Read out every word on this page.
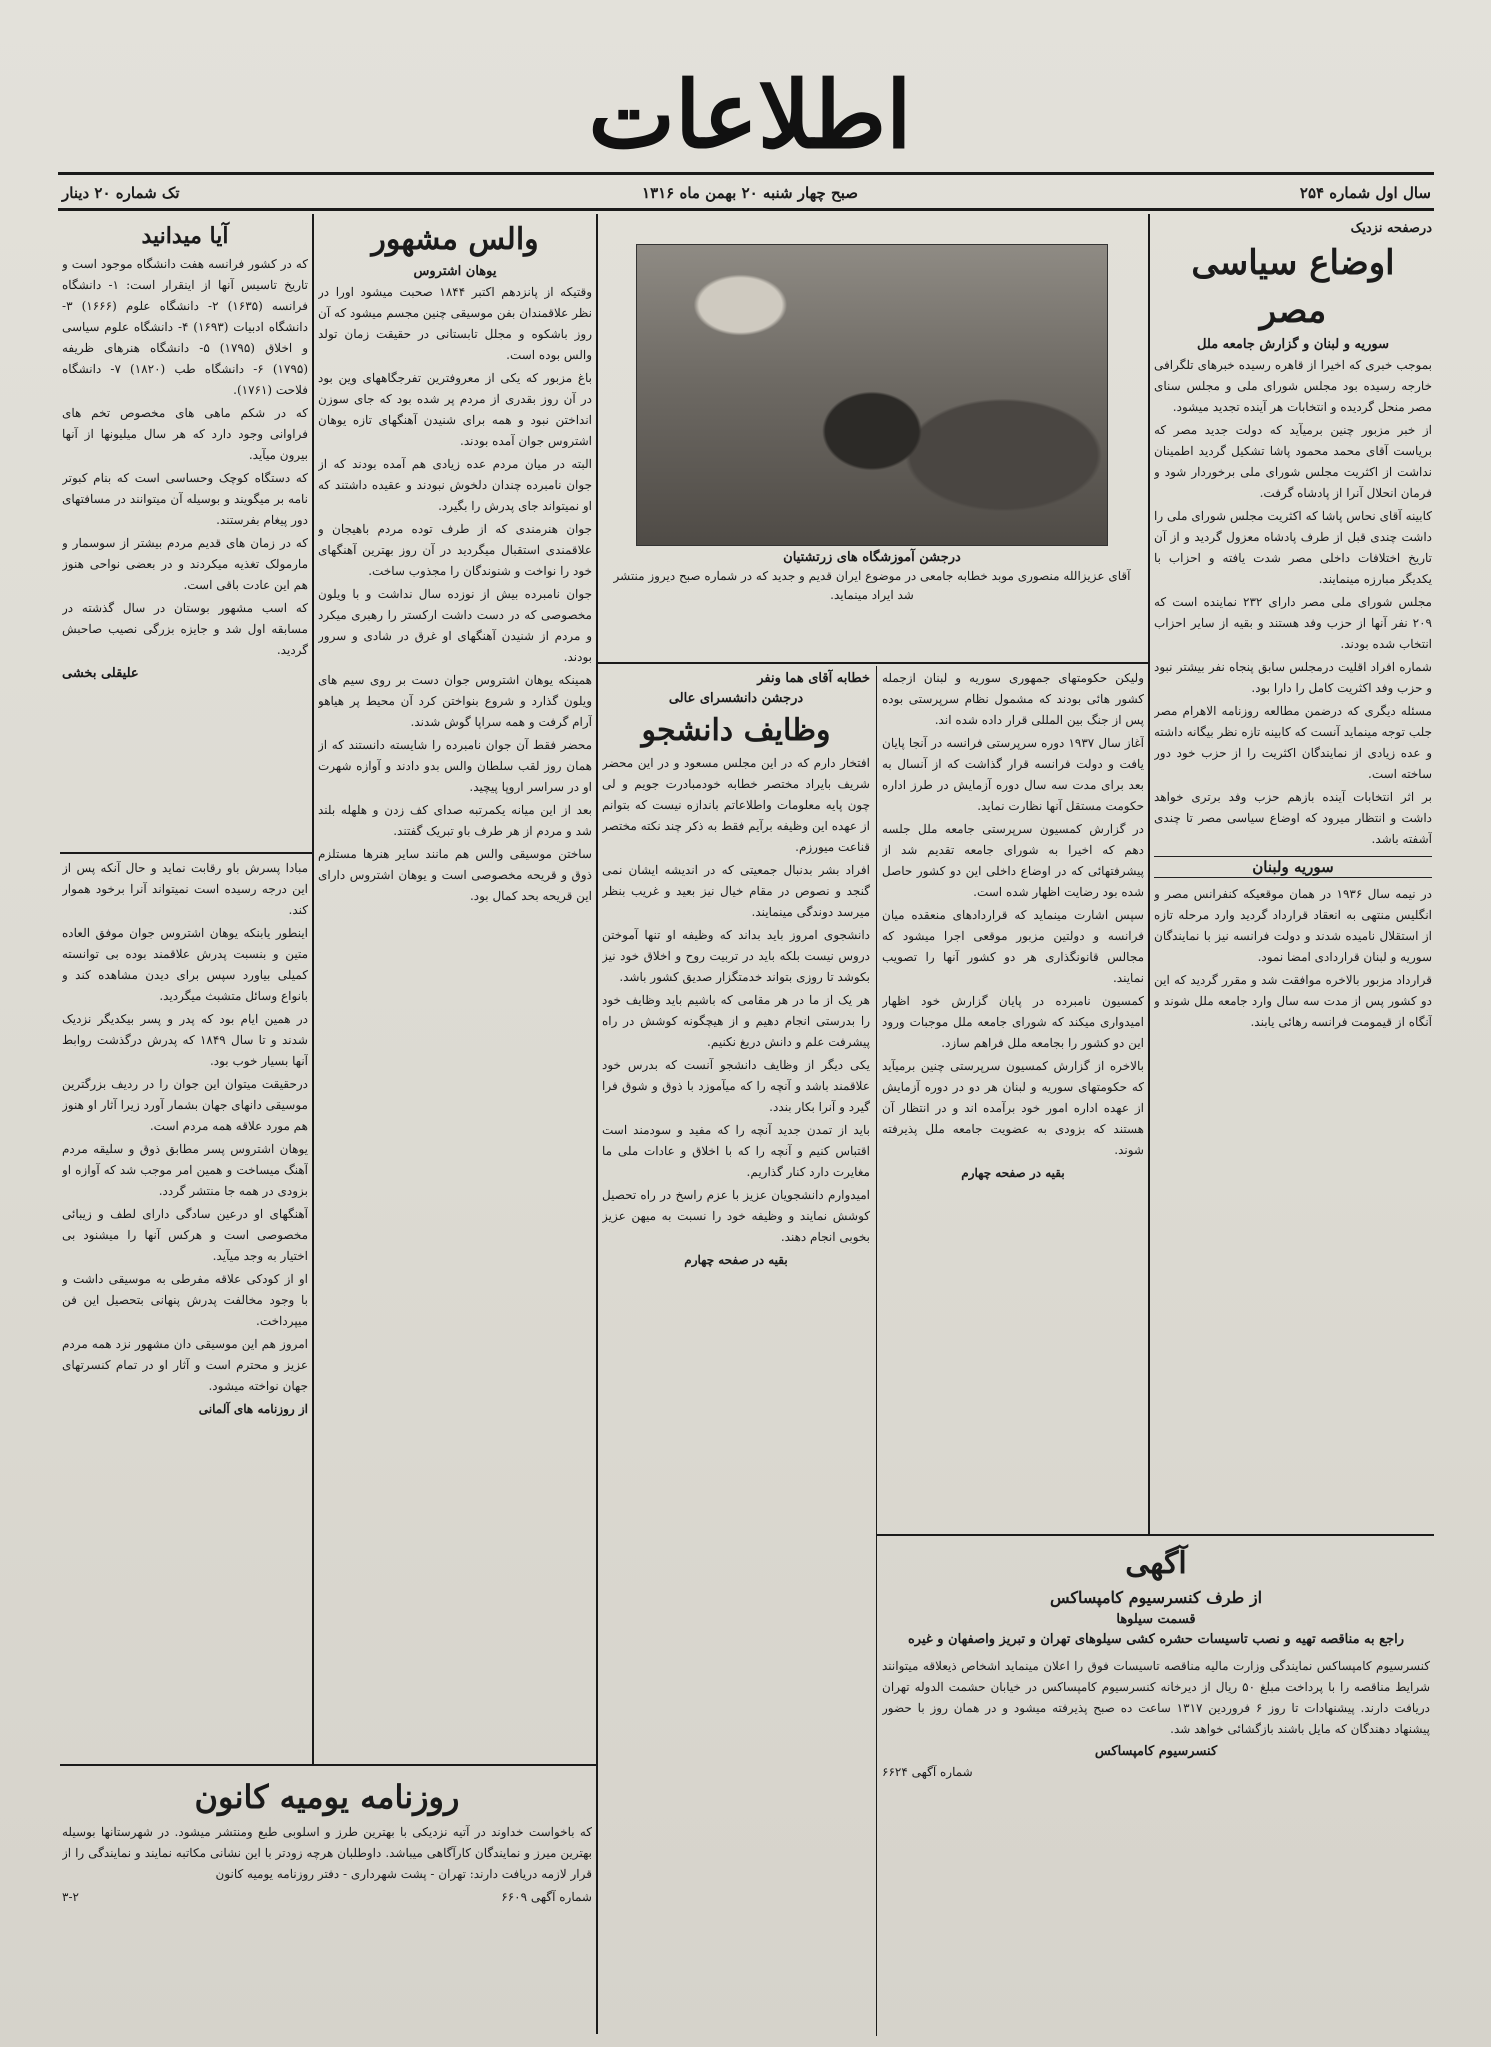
اطلاعات
سال اول شماره ۲۵۴
صبح چهار شنبه ۲۰ بهمن ماه ۱۳۱۶
تک شماره ۲۰ دینار
درصفحه نزدیک
اوضاع سیاسی مصر
سوریه و لبنان و گزارش جامعه ملل

بموجب خبری که اخیرا از قاهره رسیده خبرهای تلگرافی خارجه رسیده بود مجلس شورای ملی و مجلس سنای مصر منحل گردیده و انتخابات هر آینده تجدید میشود.

از خبر مزبور چنین برمیآید که دولت جدید مصر که بریاست آقای محمد محمود پاشا تشکیل گردید اطمینان نداشت از اکثریت مجلس شورای ملی برخوردار شود و فرمان انحلال آنرا از پادشاه گرفت.

کابینه آقای نحاس پاشا که اکثریت مجلس شورای ملی را داشت چندی قبل از طرف پادشاه معزول گردید و از آن تاریخ اختلافات داخلی مصر شدت یافته و احزاب با یکدیگر مبارزه مینمایند.

مجلس شورای ملی مصر دارای ۲۳۲ نماینده است که ۲۰۹ نفر آنها از حزب وفد هستند و بقیه از سایر احزاب انتخاب شده بودند.

شماره افراد اقلیت درمجلس سابق پنجاه نفر بیشتر نبود و حزب وفد اکثریت کامل را دارا بود.

مسئله دیگری که درضمن مطالعه روزنامه الاهرام مصر جلب توجه مینماید آنست که کابینه تازه نظر بیگانه داشته و عده زیادی از نمایندگان اکثریت را از حزب خود دور ساخته است.

بر اثر انتخابات آینده بازهم حزب وفد برتری خواهد داشت و انتظار میرود که اوضاع سیاسی مصر تا چندی آشفته باشد.

سوریه ولبنان

در نیمه سال ۱۹۳۶ در همان موقعیکه کنفرانس مصر و انگلیس منتهی به انعقاد قرارداد گردید وارد مرحله تازه از استقلال نامیده شدند و دولت فرانسه نیز با نمایندگان سوریه و لبنان قراردادی امضا نمود.

قرارداد مزبور بالاخره موافقت شد و مقرر گردید که این دو کشور پس از مدت سه سال وارد جامعه ملل شوند و آنگاه از قیمومت فرانسه رهائی یابند.

درجشن آموزشگاه های زرتشتیان
آقای عزیزالله منصوری موبد خطابه جامعی در موضوع ایران قدیم و جدید که در شماره صبح دیروز منتشر شد ایراد مینماید.

ولیکن حکومتهای جمهوری سوریه و لبنان ازجمله کشور هائی بودند که مشمول نظام سرپرستی بوده پس از جنگ بین المللی قرار داده شده اند.

آغاز سال ۱۹۳۷ دوره سرپرستی فرانسه در آنجا پایان یافت و دولت فرانسه قرار گذاشت که از آنسال به بعد برای مدت سه سال دوره آزمایش در طرز اداره حکومت مستقل آنها نظارت نماید.

در گزارش کمسیون سرپرستی جامعه ملل جلسه دهم که اخیرا به شورای جامعه تقدیم شد از پیشرفتهائی که در اوضاع داخلی این دو کشور حاصل شده بود رضایت اظهار شده است.

سپس اشارت مینماید که قراردادهای منعقده میان فرانسه و دولتین مزبور موقعی اجرا میشود که مجالس قانونگذاری هر دو کشور آنها را تصویب نمایند.

کمسیون نامبرده در پایان گزارش خود اظهار امیدواری میکند که شورای جامعه ملل موجبات ورود این دو کشور را بجامعه ملل فراهم سازد.

بالاخره از گزارش کمسیون سرپرستی چنین برمیآید که حکومتهای سوریه و لبنان هر دو در دوره آزمایش از عهده اداره امور خود برآمده اند و در انتظار آن هستند که بزودی به عضویت جامعه ملل پذیرفته شوند.

بقیه در صفحه چهارم

خطابه آقای هما ونفر
درجشن دانشسرای عالی
وظایف دانشجو

افتخار دارم که در این مجلس مسعود و در این محضر شریف بایراد مختصر خطابه خودمبادرت جویم و لی چون پایه معلومات واطلاعاتم باندازه نیست که بتوانم از عهده این وظیفه برآیم فقط به ذکر چند نکته مختصر قناعت میورزم.

افراد بشر بدنبال جمعیتی که در اندیشه ایشان نمی گنجد و نصوص در مقام خیال نیز بعید و غریب بنظر میرسد دوندگی مینمایند.

دانشجوی امروز باید بداند که وظیفه او تنها آموختن دروس نیست بلکه باید در تربیت روح و اخلاق خود نیز بکوشد تا روزی بتواند خدمتگزار صدیق کشور باشد.

هر یک از ما در هر مقامی که باشیم باید وظایف خود را بدرستی انجام دهیم و از هیچگونه کوشش در راه پیشرفت علم و دانش دریغ نکنیم.

یکی دیگر از وظایف دانشجو آنست که بدرس خود علاقمند باشد و آنچه را که میآموزد با ذوق و شوق فرا گیرد و آنرا بکار بندد.

باید از تمدن جدید آنچه را که مفید و سودمند است اقتباس کنیم و آنچه را که با اخلاق و عادات ملی ما مغایرت دارد کنار گذاریم.

امیدوارم دانشجویان عزیز با عزم راسخ در راه تحصیل کوشش نمایند و وظیفه خود را نسبت به میهن عزیز بخوبی انجام دهند.

بقیه در صفحه چهارم

والس مشهور
یوهان اشتروس

وقتیکه از پانزدهم اکتبر ۱۸۴۴ صحبت میشود اورا در نظر علاقمندان بفن موسیقی چنین مجسم میشود که آن روز باشکوه و مجلل تابستانی در حقیقت زمان تولد والس بوده است.

باغ مزبور که یکی از معروفترین تفرجگاههای وین بود در آن روز بقدری از مردم پر شده بود که جای سوزن انداختن نبود و همه برای شنیدن آهنگهای تازه یوهان اشتروس جوان آمده بودند.

البته در میان مردم عده زیادی هم آمده بودند که از جوان نامبرده چندان دلخوش نبودند و عقیده داشتند که او نمیتواند جای پدرش را بگیرد.

جوان هنرمندی که از طرف توده مردم باهیجان و علاقمندی استقبال میگردید در آن روز بهترین آهنگهای خود را نواخت و شنوندگان را مجذوب ساخت.

جوان نامبرده بیش از نوزده سال نداشت و با ویلون مخصوصی که در دست داشت ارکستر را رهبری میکرد و مردم از شنیدن آهنگهای او غرق در شادی و سرور بودند.

همینکه یوهان اشتروس جوان دست بر روی سیم های ویلون گذارد و شروع بنواختن کرد آن محیط پر هیاهو آرام گرفت و همه سراپا گوش شدند.

محضر فقط آن جوان نامبرده را شایسته دانستند که از همان روز لقب سلطان والس بدو دادند و آوازه شهرت او در سراسر اروپا پیچید.

بعد از این میانه یکمرتبه صدای کف زدن و هلهله بلند شد و مردم از هر طرف باو تبریک گفتند.

ساختن موسیقی والس هم مانند سایر هنرها مستلزم ذوق و قریحه مخصوصی است و یوهان اشتروس دارای این قریحه بحد کمال بود.

آیا میدانید

که در کشور فرانسه هفت دانشگاه موجود است و تاریخ تاسیس آنها از اینقرار است: ۱- دانشگاه فرانسه (۱۶۳۵) ۲- دانشگاه علوم (۱۶۶۶) ۳- دانشگاه ادبیات (۱۶۹۳) ۴- دانشگاه علوم سیاسی و اخلاق (۱۷۹۵) ۵- دانشگاه هنرهای ظریفه (۱۷۹۵) ۶- دانشگاه طب (۱۸۲۰) ۷- دانشگاه فلاحت (۱۷۶۱).

که در شکم ماهی های مخصوص تخم های فراوانی وجود دارد که هر سال میلیونها از آنها بیرون میآید.

که دستگاه کوچک وحساسی است که بنام کبوتر نامه بر میگویند و بوسیله آن میتوانند در مسافتهای دور پیغام بفرستند.

که در زمان های قدیم مردم بیشتر از سوسمار و مارمولک تغذیه میکردند و در بعضی نواحی هنوز هم این عادت باقی است.

که اسب مشهور بوستان در سال گذشته در مسابقه اول شد و جایزه بزرگی نصیب صاحبش گردید.

علیقلی بخشی

مبادا پسرش باو رقابت نماید و حال آنکه پس از این درجه رسیده است نمیتواند آنرا برخود هموار کند.

اینطور یابنکه یوهان اشتروس جوان موفق العاده متین و بنسبت پدرش علاقمند بوده بی توانسته کمیلی بیاورد سپس برای دیدن مشاهده کند و بانواع وسائل متشبث میگردید.

در همین ایام بود که پدر و پسر بیکدیگر نزدیک شدند و تا سال ۱۸۴۹ که پدرش درگذشت روابط آنها بسیار خوب بود.

درحقیقت میتوان این جوان را در ردیف بزرگترین موسیقی دانهای جهان بشمار آورد زیرا آثار او هنوز هم مورد علاقه همه مردم است.

یوهان اشتروس پسر مطابق ذوق و سلیقه مردم آهنگ میساخت و همین امر موجب شد که آوازه او بزودی در همه جا منتشر گردد.

آهنگهای او درعین سادگی دارای لطف و زیبائی مخصوصی است و هرکس آنها را میشنود بی اختیار به وجد میآید.

او از کودکی علاقه مفرطی به موسیقی داشت و با وجود مخالفت پدرش پنهانی بتحصیل این فن میپرداخت.

امروز هم این موسیقی دان مشهور نزد همه مردم عزیز و محترم است و آثار او در تمام کنسرتهای جهان نواخته میشود.

از روزنامه های آلمانی

آگهی
از طرف کنسرسیوم کامپساکس
قسمت سیلوها
راجع به مناقصه تهیه و نصب تاسیسات حشره کشی سیلوهای تهران و تبریز واصفهان و غیره

کنسرسیوم کامپساکس نمایندگی وزارت مالیه مناقصه تاسیسات فوق را اعلان مینماید اشخاص ذیعلاقه میتوانند شرایط مناقصه را با پرداخت مبلغ ۵۰ ریال از دیرخانه کنسرسیوم کامپساکس در خیابان حشمت الدوله تهران دریافت دارند. پیشنهادات تا روز ۶ فروردین ۱۳۱۷ ساعت ده صبح پذیرفته میشود و در همان روز با حضور پیشنهاد دهندگان که مایل باشند بازگشائی خواهد شد.

کنسرسیوم کامپساکس
شماره آگهی ۶۶۲۴
روزنامه یومیه کانون

که باخواست خداوند در آتیه نزدیکی با بهترین طرز و اسلوبی طبع ومنتشر میشود. در شهرستانها بوسیله بهترین میرز و نمایندگان کارآگاهی میباشد. داوطلبان هرچه زودتر با این نشانی مکاتبه نمایند و نمایندگی را از قرار لازمه دریافت دارند: تهران - پشت شهرداری - دفتر روزنامه یومیه کانون

شماره آگهی ۶۶۰۹
۳-۲
